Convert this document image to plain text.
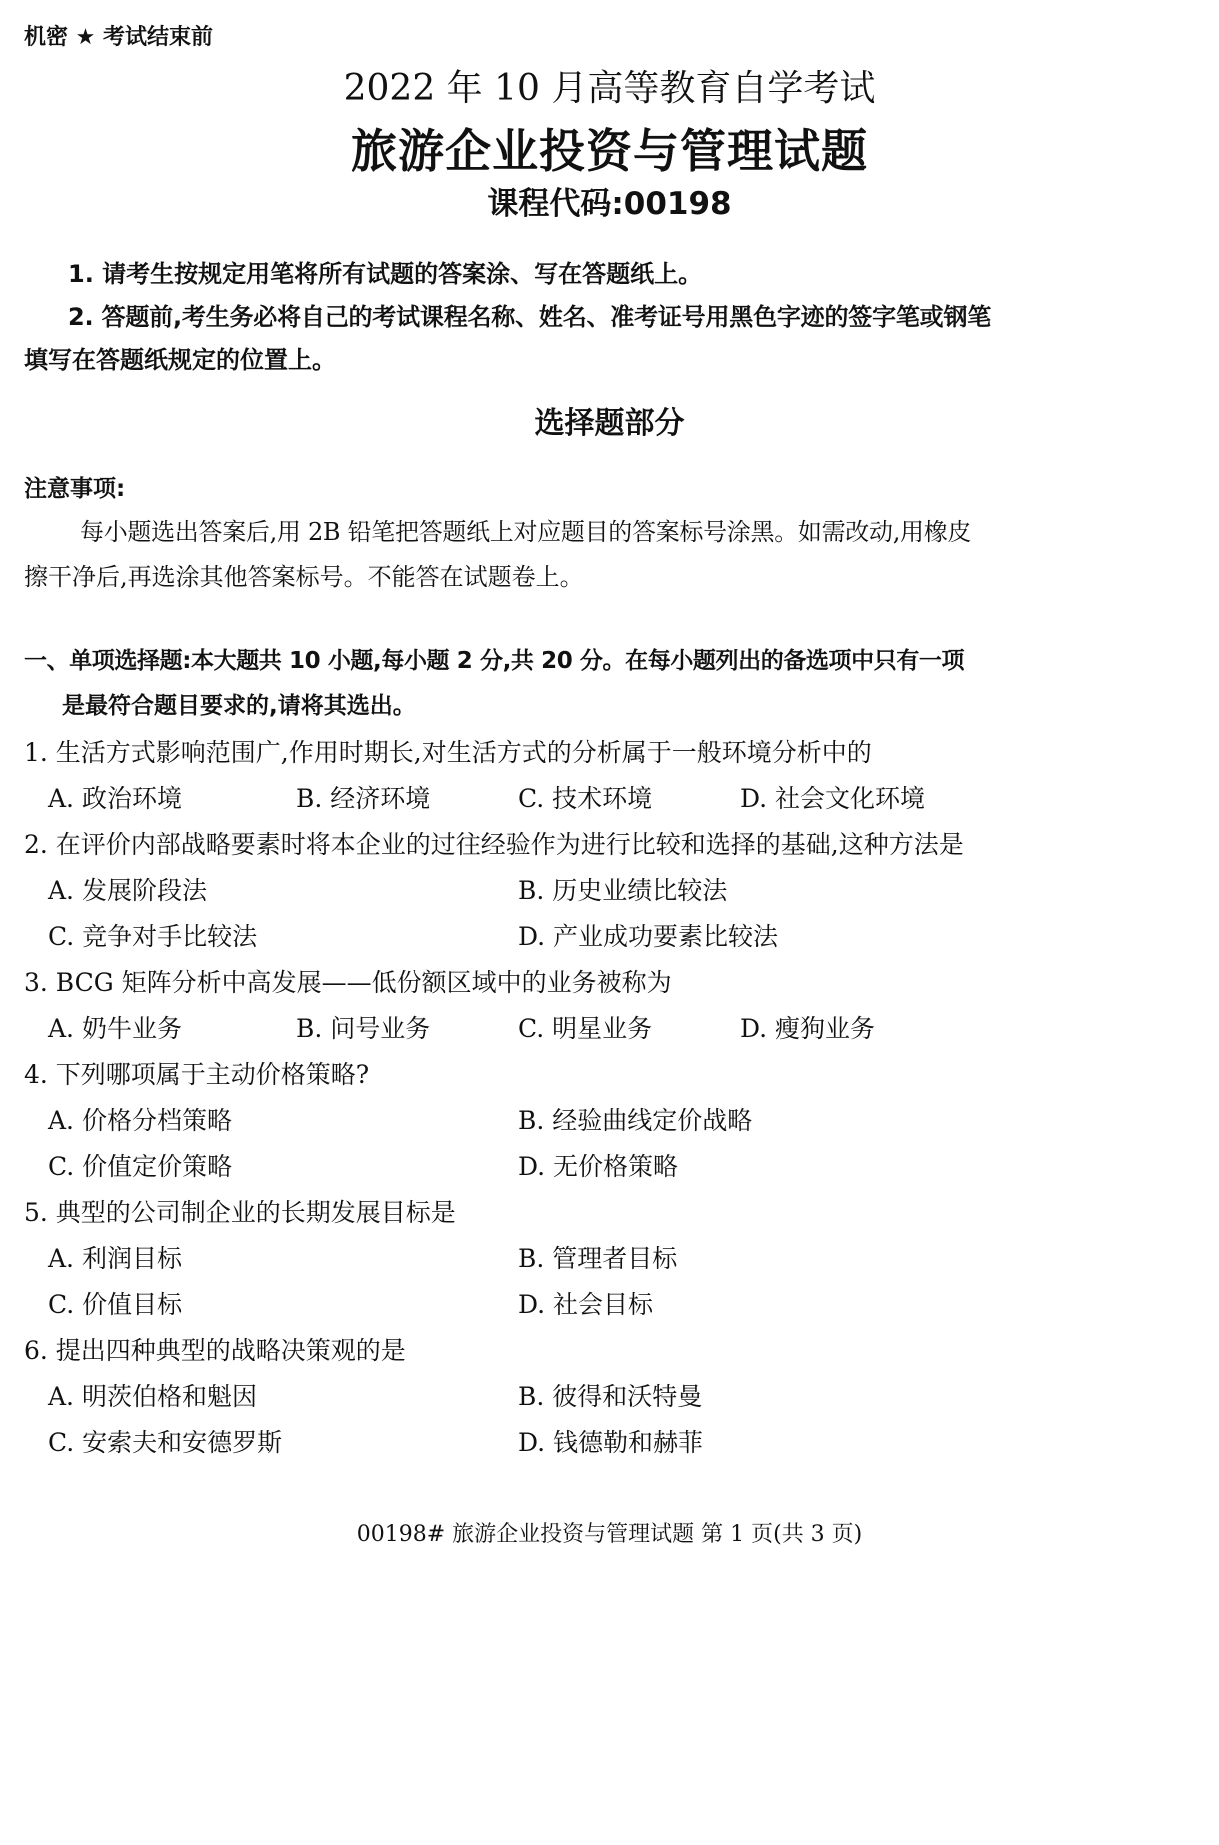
机密 ★ 考试结束前
2022 年 10 月高等教育自学考试
旅游企业投资与管理试题
课程代码:00198
1. 请考生按规定用笔将所有试题的答案涂、写在答题纸上。
2. 答题前,考生务必将自己的考试课程名称、姓名、准考证号用黑色字迹的签字笔或钢笔
填写在答题纸规定的位置上。
选择题部分
注意事项:
每小题选出答案后,用 2B 铅笔把答题纸上对应题目的答案标号涂黑。如需改动,用橡皮
擦干净后,再选涂其他答案标号。不能答在试题卷上。
一、单项选择题:本大题共 10 小题,每小题 2 分,共 20 分。在每小题列出的备选项中只有一项
是最符合题目要求的,请将其选出。
1. 生活方式影响范围广,作用时期长,对生活方式的分析属于一般环境分析中的
A. 政治环境	B. 经济环境	C. 技术环境	D. 社会文化环境
2. 在评价内部战略要素时将本企业的过往经验作为进行比较和选择的基础,这种方法是
A. 发展阶段法	B. 历史业绩比较法
C. 竞争对手比较法	D. 产业成功要素比较法
3. BCG 矩阵分析中高发展——低份额区域中的业务被称为
A. 奶牛业务	B. 问号业务	C. 明星业务	D. 瘦狗业务
4. 下列哪项属于主动价格策略?
A. 价格分档策略	B. 经验曲线定价战略
C. 价值定价策略	D. 无价格策略
5. 典型的公司制企业的长期发展目标是
A. 利润目标	B. 管理者目标
C. 价值目标	D. 社会目标
6. 提出四种典型的战略决策观的是
A. 明茨伯格和魁因	B. 彼得和沃特曼
C. 安索夫和安德罗斯	D. 钱德勒和赫菲
00198# 旅游企业投资与管理试题 第 1 页(共 3 页)
